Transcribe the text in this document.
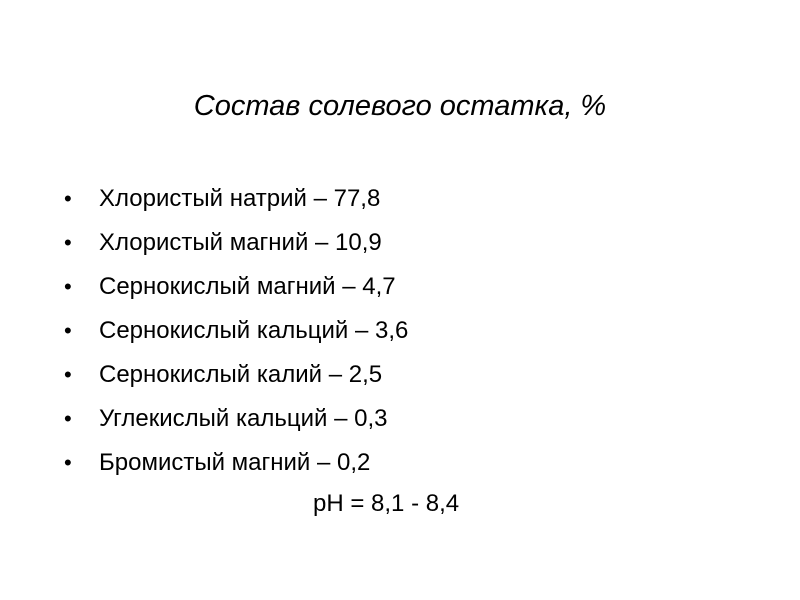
Состав солевого остатка, %
•	Хлористый натрий – 77,8
•	Хлористый магний – 10,9
•	Сернокислый магний – 4,7
•	Сернокислый кальций – 3,6
•	Сернокислый калий – 2,5
•	Углекислый кальций – 0,3
•	Бромистый магний – 0,2
pH = 8,1 - 8,4
